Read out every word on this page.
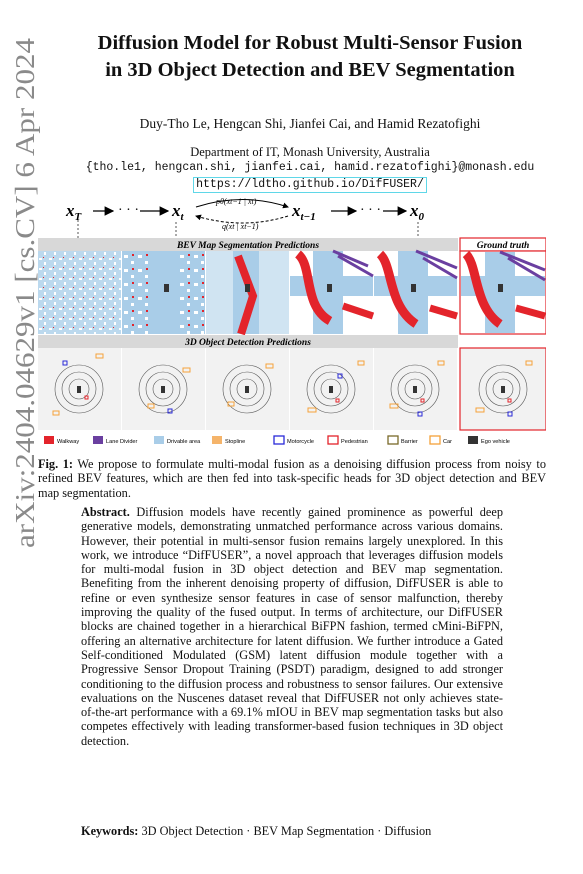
arXiv:2404.04629v1 [cs.CV] 6 Apr 2024
Diffusion Model for Robust Multi-Sensor Fusion
in 3D Object Detection and BEV Segmentation
Duy-Tho Le, Hengcan Shi, Jianfei Cai, and Hamid Rezatofighi
Department of IT, Monash University, Australia
{tho.le1, hengcan.shi, jianfei.cai, hamid.rezatofighi}@monash.edu
https://ldtho.github.io/DifFUSER/
$x_T$	· · · $x_t$
pθ(xt−1 | xt)
q(xt | xt−1)
$x_{t-1}$	· · · $x_0$
BEV Map Segmentation Predictions	Ground truth
3D Object Detection Predictions
Walkway	Lane Divider	Drivable area	Stopline	Motorcycle	Pedestrian	Barrier	Car	Ego vehicle
Fig. 1: We propose to formulate multi-modal fusion as a denoising diffusion process from noisy to refined BEV features, which are then fed into task-specific heads for 3D object detection and BEV map segmentation.
Abstract. Diffusion models have recently gained prominence as powerful deep generative models, demonstrating unmatched performance across various domains. However, their potential in multi-sensor fusion remains largely unexplored. In this work, we introduce “DifFUSER”, a novel approach that leverages diffusion models for multi-modal fusion in 3D object detection and BEV map segmentation. Benefiting from the inherent denoising property of diffusion, DifFUSER is able to refine or even synthesize sensor features in case of sensor malfunction, thereby improving the quality of the fused output. In terms of architecture, our DifFUSER blocks are chained together in a hierarchical BiFPN fashion, termed cMini-BiFPN, offering an alternative architecture for latent diffusion. We further introduce a Gated Self-conditioned Modulated (GSM) latent diffusion module together with a Progressive Sensor Dropout Training (PSDT) paradigm, designed to add stronger conditioning to the diffusion process and robustness to sensor failures. Our extensive evaluations on the Nuscenes dataset reveal that DifFUSER not only achieves state-of-the-art performance with a 69.1% mIOU in BEV map segmentation tasks but also competes effectively with leading transformer-based fusion techniques in 3D object detection.
Keywords: 3D Object Detection · BEV Map Segmentation · Diffusion
